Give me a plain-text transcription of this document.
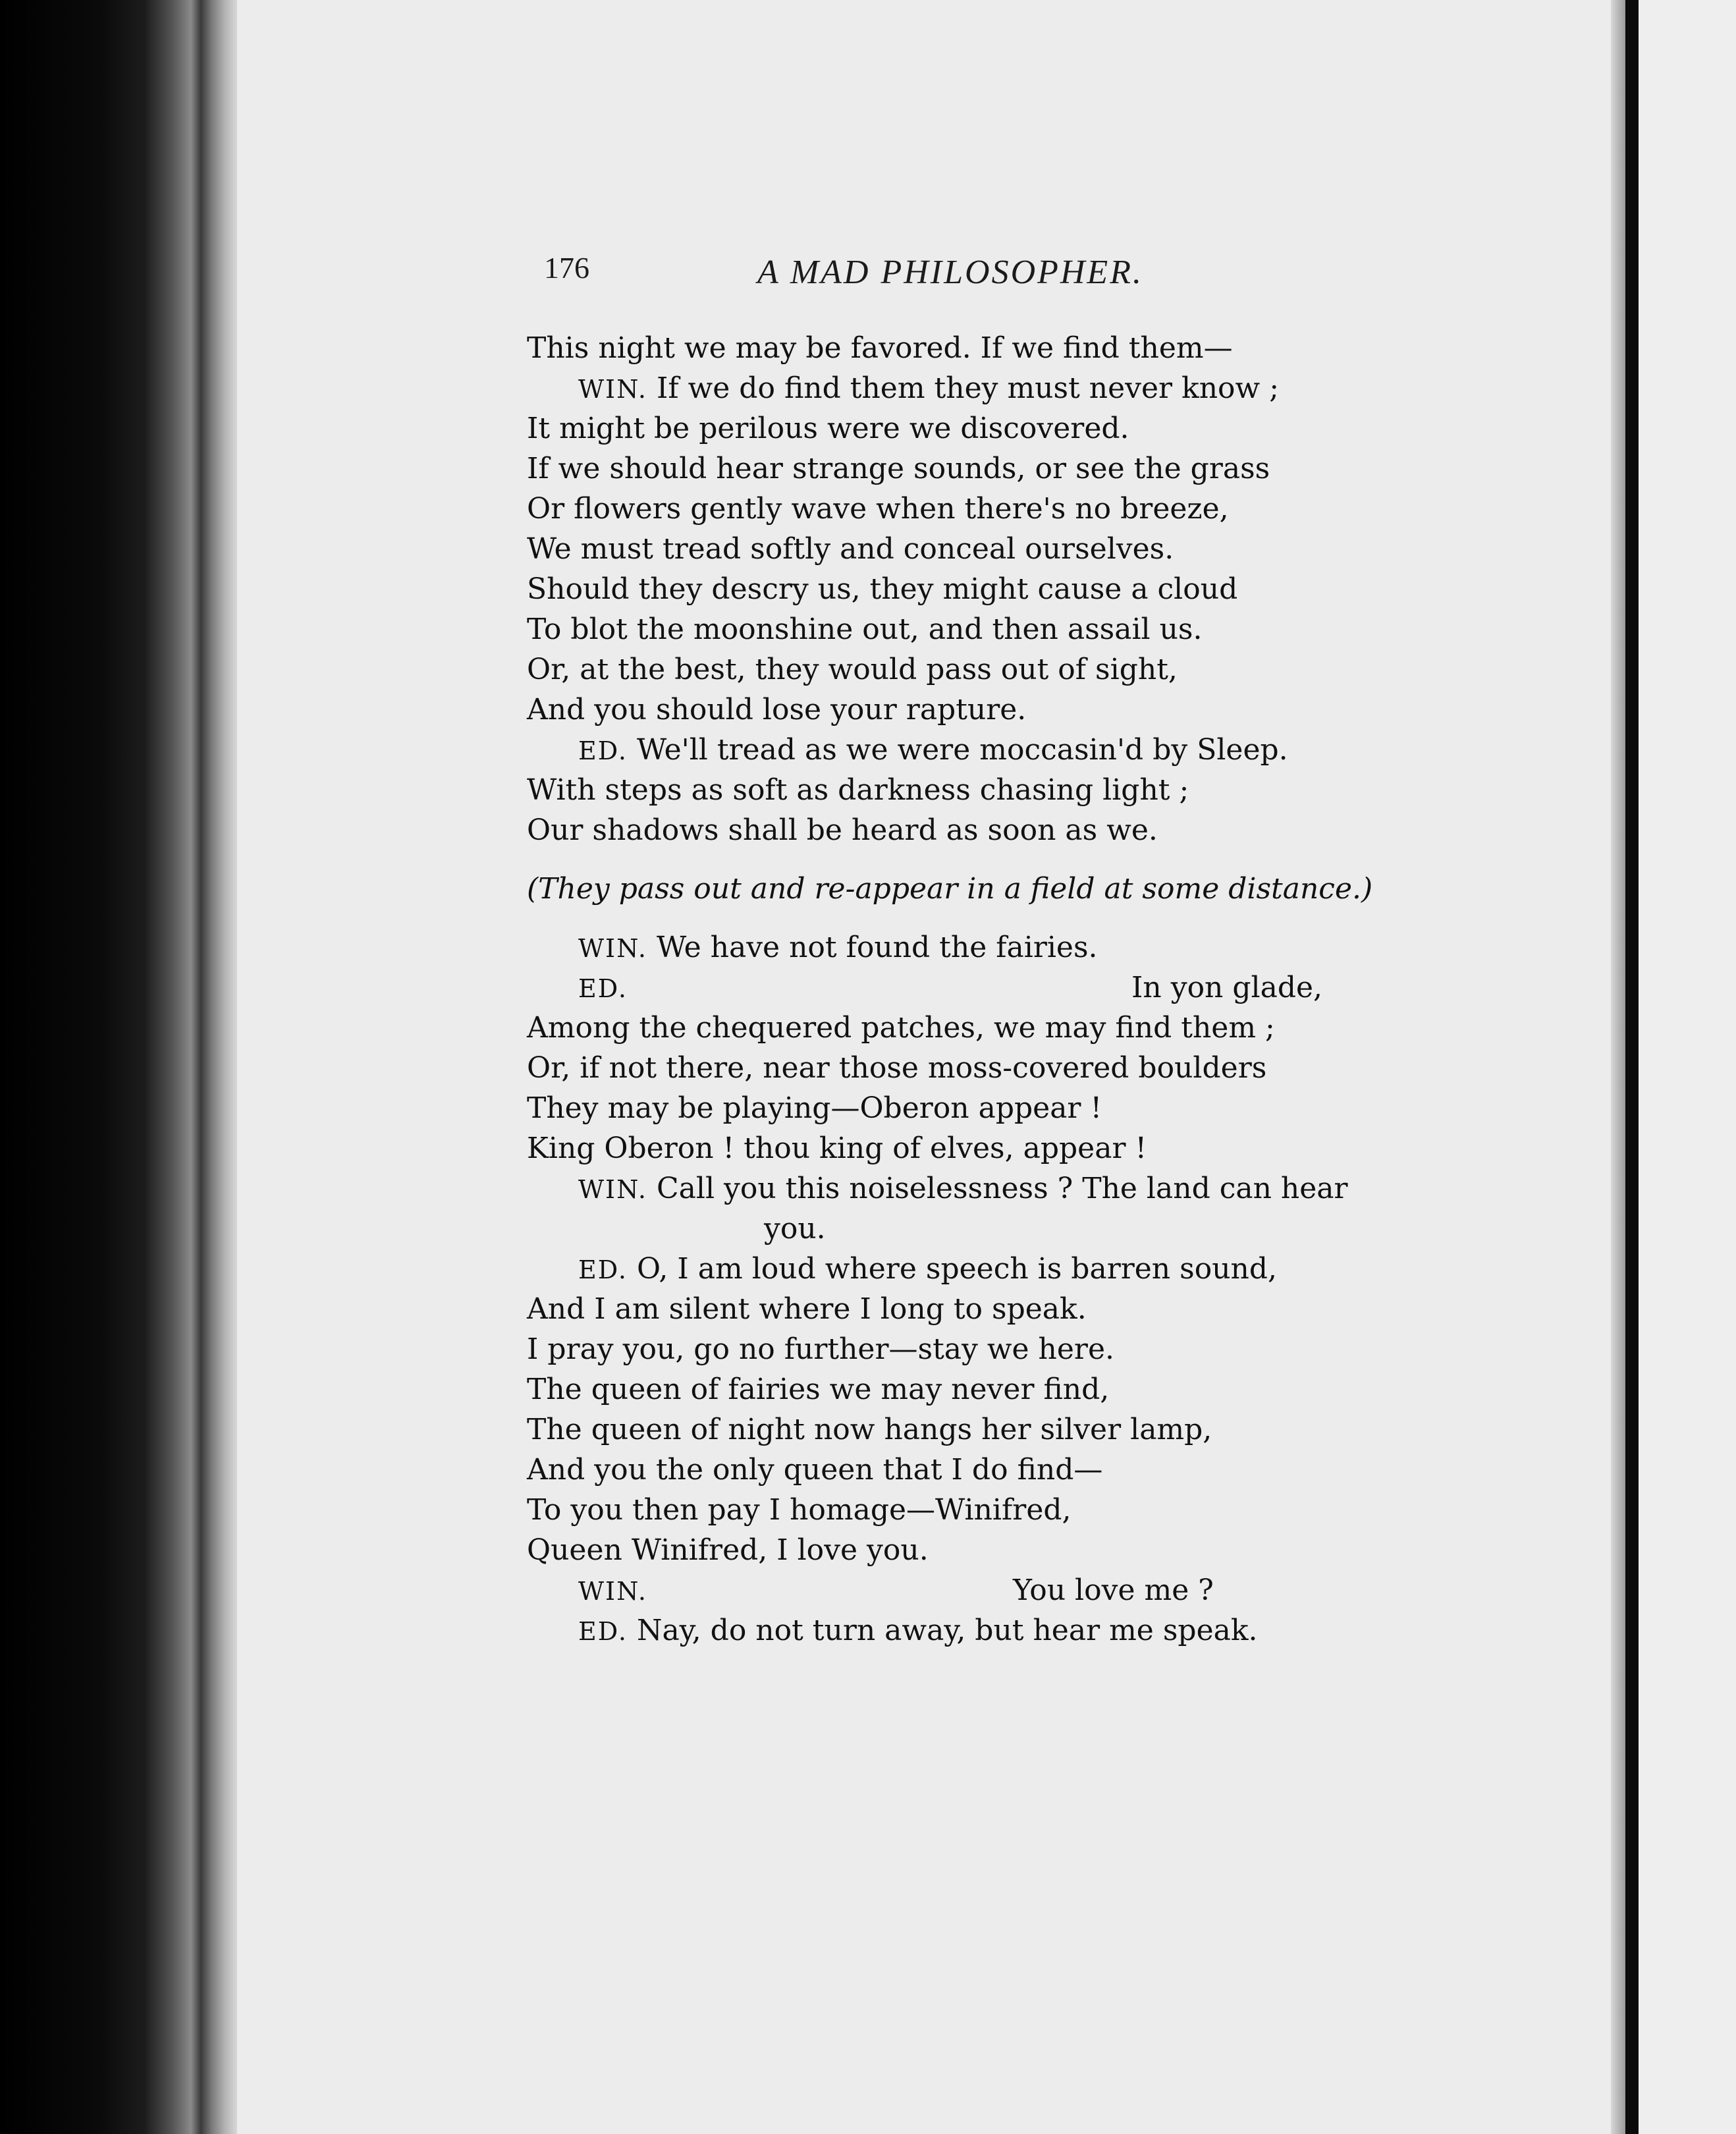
176	A MAD PHILOSOPHER.
This night we may be favored. If we find them—
WIN. If we do find them they must never know ;
It might be perilous were we discovered.
If we should hear strange sounds, or see the grass
Or flowers gently wave when there's no breeze,
We must tread softly and conceal ourselves.
Should they descry us, they might cause a cloud
To blot the moonshine out, and then assail us.
Or, at the best, they would pass out of sight,
And you should lose your rapture.
ED. We'll tread as we were moccasin'd by Sleep.
With steps as soft as darkness chasing light ;
Our shadows shall be heard as soon as we.
(They pass out and re-appear in a field at some distance.)
WIN. We have not found the fairies.
ED.	In yon glade,
Among the chequered patches, we may find them ;
Or, if not there, near those moss-covered boulders
They may be playing—Oberon appear !
King Oberon ! thou king of elves, appear !
WIN. Call you this noiselessness ? The land can hear
you.
ED. O, I am loud where speech is barren sound,
And I am silent where I long to speak.
I pray you, go no further—stay we here.
The queen of fairies we may never find,
The queen of night now hangs her silver lamp,
And you the only queen that I do find—
To you then pay I homage—Winifred,
Queen Winifred, I love you.
WIN.	You love me ?
ED. Nay, do not turn away, but hear me speak.
